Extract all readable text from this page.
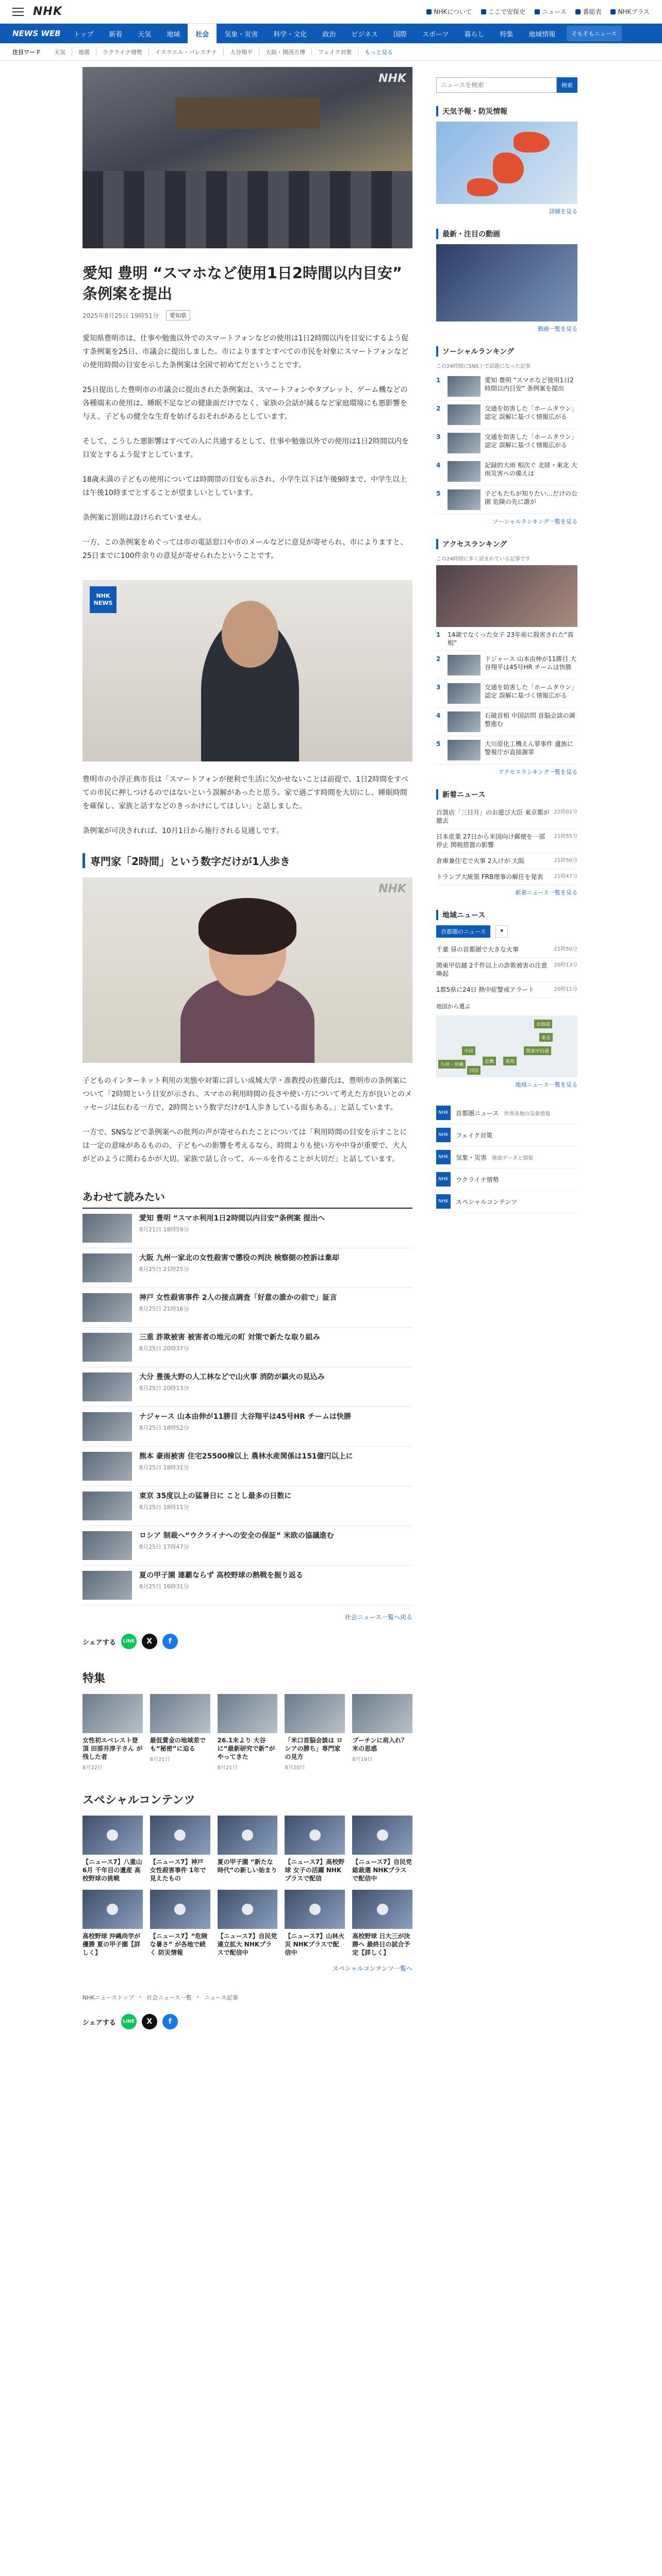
NHK	NHKについて	ここで安保史	ニュース	番組表	NHKプラス
NEWS WEB	トップ	新着	天気	地域	社会	気象・災害	科学・文化	政治	ビジネス	国際	スポーツ	暮らし	特集	地域情報	そもそもニュース
注目ワード	天気	地震	ウクライナ情勢	イスラエル・パレスチナ	大谷翔平	大阪・関西万博	フェイク対策	もっと見る
NHK
愛知 豊明 “スマホなど使用1日2時間以内目安” 条例案を提出
2025年8月25日 19時51分	愛知県

愛知県豊明市は、仕事や勉強以外でのスマートフォンなどの使用は1日2時間以内を目安にするよう促す条例案を25日、市議会に提出しました。市によりますとすべての市民を対象にスマートフォンなどの使用時間の目安を示した条例案は全国で初めてだということです。

25日提出した豊明市の市議会に提出された条例案は、スマートフォンやタブレット、ゲーム機などの各種端末の使用は、睡眠不足などの健康面だけでなく、家族の会話が減るなど家庭環境にも悪影響を与え、子どもの健全な生育を妨げるおそれがあるとしています。

そして、こうした悪影響はすべての人に共通するとして、仕事や勉強以外での使用は1日2時間以内を目安とするよう促すとしています。

18歳未満の子どもの使用については時間帯の目安も示され、小学生以下は午後9時まで、中学生以上は午後10時までとすることが望ましいとしています。

条例案に罰則は設けられていません。

一方、この条例案をめぐっては市の電話窓口や市のメールなどに意見が寄せられ、市によりますと、25日までに100件余りの意見が寄せられたということです。

NHK
NEWS

豊明市の小浮正典市長は「スマートフォンが便利で生活に欠かせないことは前提で、1日2時間をすべての市民に押しつけるのではないという誤解があったと思う。家で過ごす時間を大切にし、睡眠時間を確保し、家族と話すなどのきっかけにしてほしい」と話しました。

条例案が可決されれば、10月1日から施行される見通しです。

専門家「2時間」という数字だけが1人歩き
NHK

子どものインターネット利用の実態や対策に詳しい成城大学・准教授の佐藤氏は、豊明市の条例案について「2時間という目安が示され、スマホの利用時間の長さや使い方について考えた方が良いとのメッセージは伝わる一方で、2時間という数字だけが1人歩きしている面もある。」と話しています。

一方で、SNSなどで条例案への批判の声が寄せられたことについては「利用時間の目安を示すことには一定の意味があるものの、子どもへの影響を考えるなら、時間よりも使い方や中身が重要で、大人がどのように関わるかが大切。家族で話し合って、ルールを作ることが大切だ」と話しています。

あわせて読みたい
愛知 豊明 “スマホ利用1日2時間以内目安”条例案 提出へ
8月21日 18時59分
大阪 九州一家北の女性殺害で懲役の判決 検察側の控訴は棄却
8月25日 21時25分
神戸 女性殺害事件 2人の接点調査「好意の誰かの前で」証言
8月25日 21時16分
三重 詐欺被害 被害者の地元の町 対策で新たな取り組み
8月25日 20時37分
大分 豊後大野の人工林などで山火事 消防が鎮火の見込み
8月25日 20時13分
ナジャース 山本由伸が11勝目 大谷翔平は45号HR チームは快勝
8月25日 18時52分
熊本 豪雨被害 住宅25500棟以上 農林水産関係は151億円以上に
8月25日 18時31分
東京 35度以上の猛暑日に ことし最多の日数に
8月25日 18時11分
ロシア 制裁へ“ウクライナへの安全の保証” 米欧の協議進む
8月25日 17時47分
夏の甲子園 連覇ならず 高校野球の熱戦を振り返る
8月25日 16時31分
社会ニュース一覧へ戻る
シェアする	LINE	X	f
特集
女性初エベレスト登頂 田部井淳子さん が残した者
8月22日
最低賃金の地域差でも“秘密”に迫る
8月21日
26.1未より 大谷に“最新研究で新”がやってきた
8月21日
「米口首脳会談は ロシアの勝ち」専門家の見方
8月20日
プーチンに肩入れ？米の思惑
8月19日
スペシャルコンテンツ
【ニュース7】八重山6月 千年目の遺産 高校野球の挑戦
【ニュース7】神戸 女性殺害事件 1年で見えたもの
夏の甲子園 “新たな時代”の新しい始まり
【ニュース7】高校野球 女子の活躍 NHKプラスで配信
【ニュース7】自民党 総裁選 NHKプラスで配信中
高校野球 沖縄尚学が優勝 夏の甲子園【詳しく】
【ニュース7】“危険な暑さ” が各地で続く 防災情報
【ニュース7】自民党 連立拡大 NHKプラスで配信中
【ニュース7】山林火災 NHKプラスで配信中
高校野球 日大三が決勝へ 最終日の試合予定【詳しく】
スペシャルコンテンツ一覧へ
NHKニューストップ › 社会ニュース一覧 › ニュース記事
シェアする	LINE	X	f
ニュースを検索
検索
天気予報・防災情報
詳細を見る
最新・注目の動画
動画一覧を見る
ソーシャルランキング
この24時間にSNS上で話題になった記事
1	愛知 豊明 “スマホなど使用1日2時間以内目安” 条例案を提出
2	交通を妨害した「ホームタウン」認定 誤解に基づく情報広がる
3	交通を妨害した「ホームタウン」認定 誤解に基づく情報広がる
4	記録的大雨 相次ぐ 北陸・東北 大雨災害への備えは
5	子どもたちが知りたい…だけの公園 危険の先に誰が
ソーシャルランキング一覧を見る
アクセスランキング
この24時間に多く読まれている記事です
1	14歳でなくった女子 23年前に殺害された“真相”
2	ドジャース 山本由伸が11勝目 大谷翔平は45号HR チームは快勝
3	交通を妨害した「ホームタウン」認定 誤解に基づく情報広がる
4	石破首相 中国訪問 首脳会談の調整進む
5	大川原化工機えん罪事件 遺族に警視庁が直接謝罪
アクセスランキング一覧を見る
新着ニュース
百貨店「三日月」のお遊び大臣 東京都が撤去
22時02分
日本産業 27日から米国向け郵便を一部停止 関税措置の影響
21時55分
倉庫兼住宅で火事 2人けが 大阪	21時50分
トランプ大統領 FRB理事の解任を発表	21時47分
新着ニュース一覧を見る
地域ニュース
首都圏のニュース	▾
千葉 昼の首都圏で大きな火事	21時50分
関東甲信越 2千件以上の詐欺被害の注意喚起
20時13分
1都5県に24日 熱中症警戒アラート	20時11分
地図から選ぶ
北海道
東北
関東甲信越
東海
近畿
中国
四国
九州・沖縄
地域ニュース一覧を見る
NHK	首都圏ニュース 世界各地の気象情報
NHK	フェイク対策
NHK	気象・災害 地震データと情報
NHK	ウクライナ情勢
NHK	スペシャルコンテンツ
